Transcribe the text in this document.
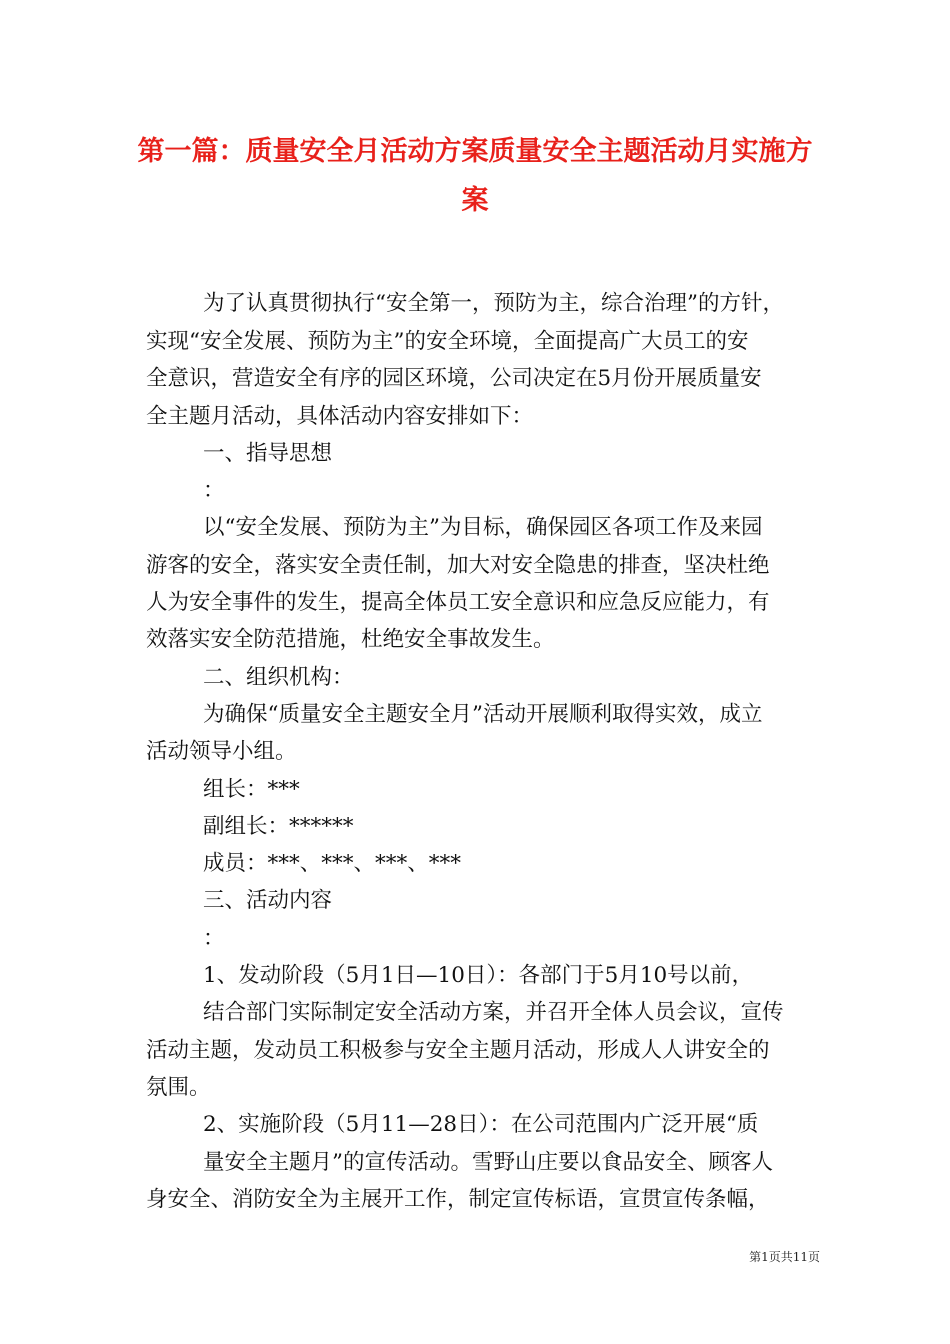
第一篇：质量安全月活动方案质量安全主题活动月实施方
案
为了认真贯彻执行“安全第一，预防为主，综合治理”的方针，
实现“安全发展、预防为主”的安全环境，全面提高广大员工的安
全意识，营造安全有序的园区环境，公司决定在5月份开展质量安
全主题月活动，具体活动内容安排如下：
一、指导思想
：
以“安全发展、预防为主”为目标，确保园区各项工作及来园
游客的安全，落实安全责任制，加大对安全隐患的排查，坚决杜绝
人为安全事件的发生，提高全体员工安全意识和应急反应能力，有
效落实安全防范措施，杜绝安全事故发生。
二、组织机构：
为确保“质量安全主题安全月”活动开展顺利取得实效，成立
活动领导小组。
组长：***
副组长：******
成员：***、***、***、***
三、活动内容
：
1、发动阶段（5月1日—10日）：各部门于5月10号以前，
结合部门实际制定安全活动方案，并召开全体人员会议，宣传
活动主题，发动员工积极参与安全主题月活动，形成人人讲安全的
氛围。
2、实施阶段（5月11—28日）：在公司范围内广泛开展“质
量安全主题月”的宣传活动。雪野山庄要以食品安全、顾客人
身安全、消防安全为主展开工作，制定宣传标语，宣贯宣传条幅，
第1页共11页
